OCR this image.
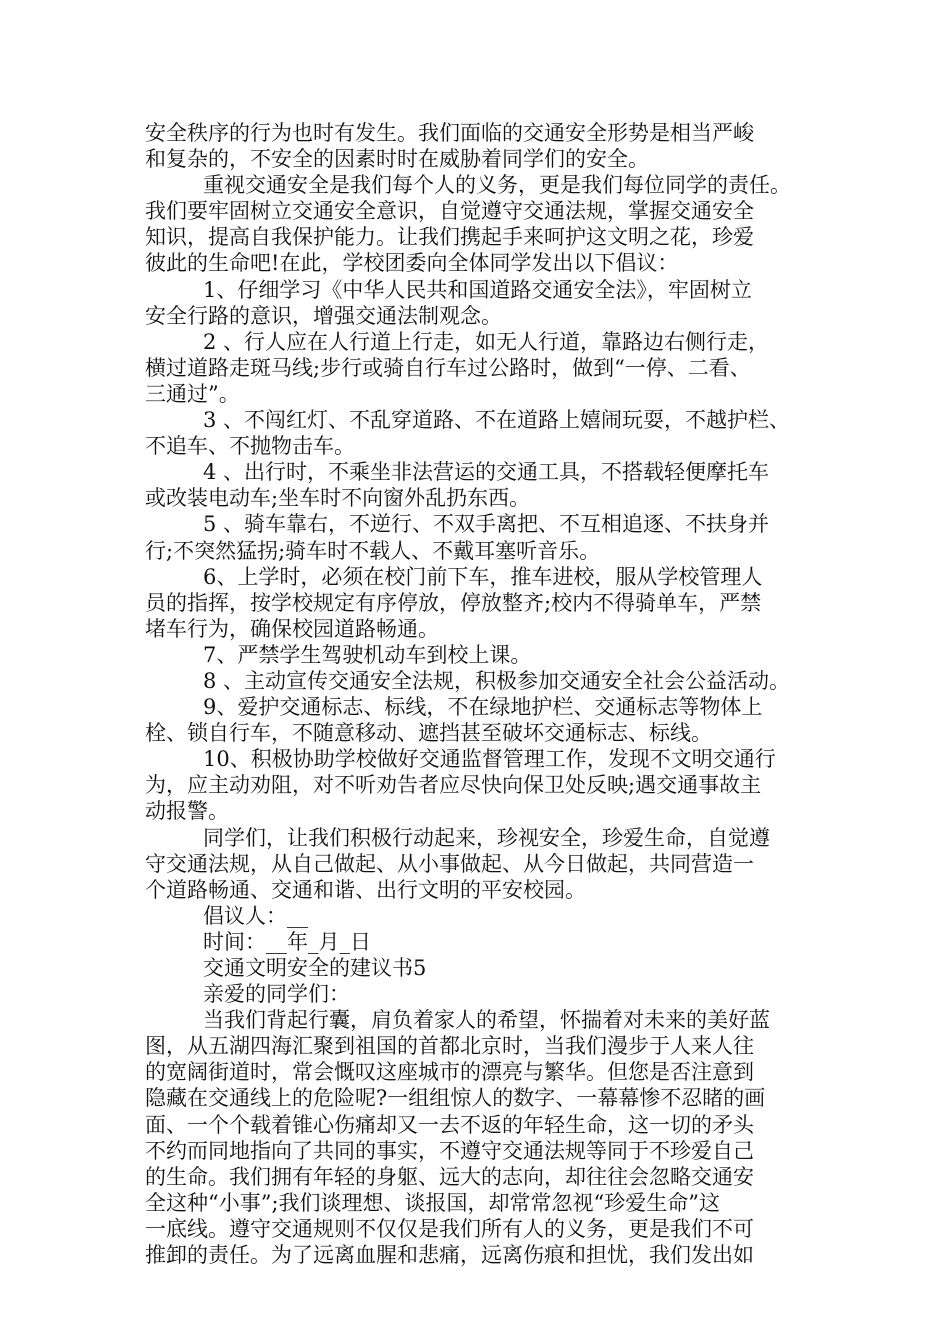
安全秩序的行为也时有发生。我们面临的交通安全形势是相当严峻
和复杂的，不安全的因素时时在威胁着同学们的安全。
重视交通安全是我们每个人的义务，更是我们每位同学的责任。
我们要牢固树立交通安全意识，自觉遵守交通法规，掌握交通安全
知识，提高自我保护能力。让我们携起手来呵护这文明之花，珍爱
彼此的生命吧!在此，学校团委向全体同学发出以下倡议：
1、仔细学习《中华人民共和国道路交通安全法》，牢固树立
安全行路的意识，增强交通法制观念。
2 、行人应在人行道上行走，如无人行道，靠路边右侧行走，
横过道路走斑马线;步行或骑自行车过公路时，做到“一停、二看、
三通过”。
3 、不闯红灯、不乱穿道路、不在道路上嬉闹玩耍，不越护栏、
不追车、不抛物击车。
4 、出行时，不乘坐非法营运的交通工具，不搭载轻便摩托车
或改装电动车;坐车时不向窗外乱扔东西。
5 、骑车靠右，不逆行、不双手离把、不互相追逐、不扶身并
行;不突然猛拐;骑车时不载人、不戴耳塞听音乐。
6、上学时，必须在校门前下车，推车进校，服从学校管理人
员的指挥，按学校规定有序停放，停放整齐;校内不得骑单车，严禁
堵车行为，确保校园道路畅通。
7、严禁学生驾驶机动车到校上课。
8 、主动宣传交通安全法规，积极参加交通安全社会公益活动。
9、爱护交通标志、标线，不在绿地护栏、交通标志等物体上
栓、锁自行车，不随意移动、遮挡甚至破坏交通标志、标线。
10、积极协助学校做好交通监督管理工作，发现不文明交通行
为，应主动劝阻，对不听劝告者应尽快向保卫处反映;遇交通事故主
动报警。
同学们，让我们积极行动起来，珍视安全，珍爱生命，自觉遵
守交通法规，从自己做起、从小事做起、从今日做起，共同营造一
个道路畅通、交通和谐、出行文明的平安校园。
倡议人：__
时间：__年_月_日
交通文明安全的建议书5
亲爱的同学们：
当我们背起行囊，肩负着家人的希望，怀揣着对未来的美好蓝
图，从五湖四海汇聚到祖国的首都北京时，当我们漫步于人来人往
的宽阔街道时，常会慨叹这座城市的漂亮与繁华。但您是否注意到
隐藏在交通线上的危险呢?一组组惊人的数字、一幕幕惨不忍睹的画
面、一个个载着锥心伤痛却又一去不返的年轻生命，这一切的矛头
不约而同地指向了共同的事实，不遵守交通法规等同于不珍爱自己
的生命。我们拥有年轻的身躯、远大的志向，却往往会忽略交通安
全这种“小事”;我们谈理想、谈报国，却常常忽视“珍爱生命”这
一底线。遵守交通规则不仅仅是我们所有人的义务，更是我们不可
推卸的责任。为了远离血腥和悲痛，远离伤痕和担忧，我们发出如
